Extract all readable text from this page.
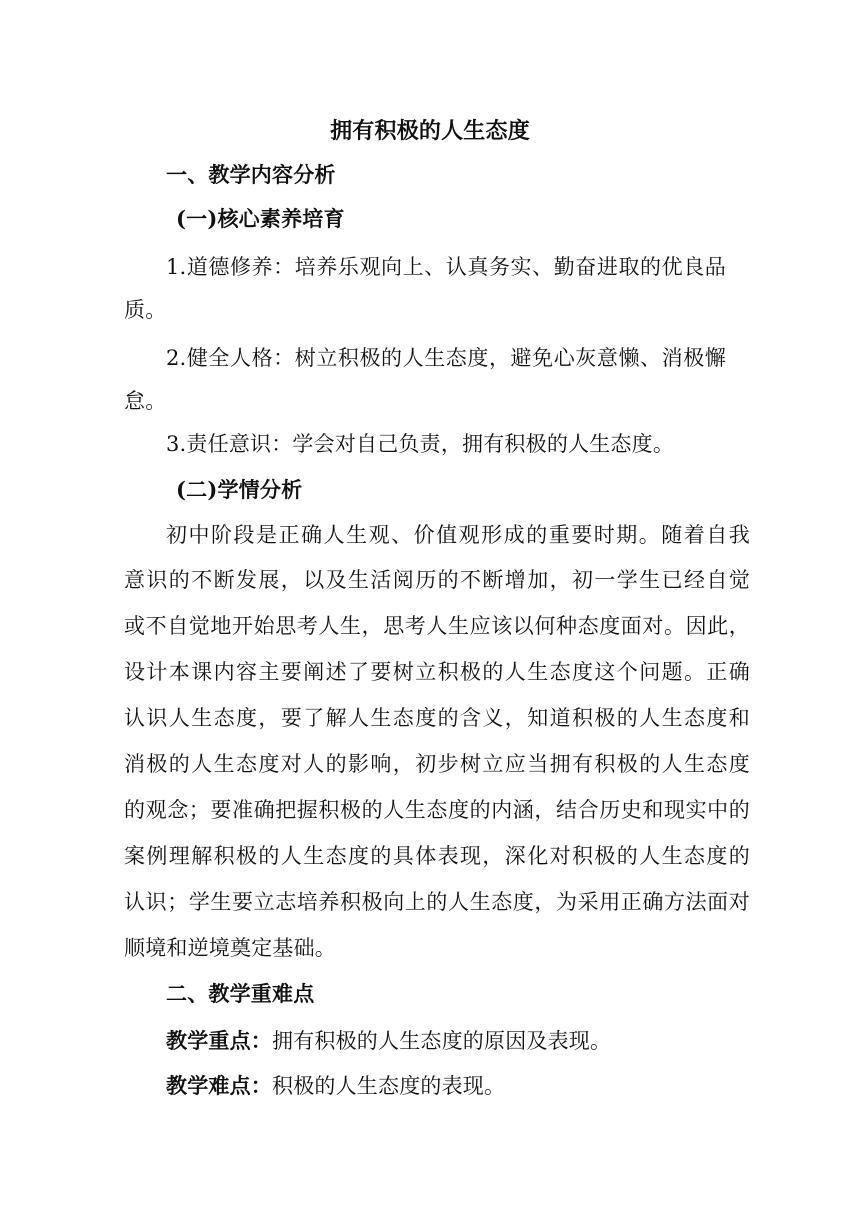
拥有积极的人生态度
一、教学内容分析
(一)核心素养培育
1.道德修养：培养乐观向上、认真务实、勤奋进取的优良品
质。
2.健全人格：树立积极的人生态度，避免心灰意懒、消极懈
怠。
3.责任意识：学会对自己负责，拥有积极的人生态度。
(二)学情分析
初中阶段是正确人生观、价值观形成的重要时期。随着自我
意识的不断发展，以及生活阅历的不断增加，初一学生已经自觉
或不自觉地开始思考人生，思考人生应该以何种态度面对。因此，
设计本课内容主要阐述了要树立积极的人生态度这个问题。正确
认识人生态度，要了解人生态度的含义，知道积极的人生态度和
消极的人生态度对人的影响，初步树立应当拥有积极的人生态度
的观念；要准确把握积极的人生态度的内涵，结合历史和现实中的
案例理解积极的人生态度的具体表现，深化对积极的人生态度的
认识；学生要立志培养积极向上的人生态度，为采用正确方法面对
顺境和逆境奠定基础。
二、教学重难点
教学重点：拥有积极的人生态度的原因及表现。
教学难点：积极的人生态度的表现。
